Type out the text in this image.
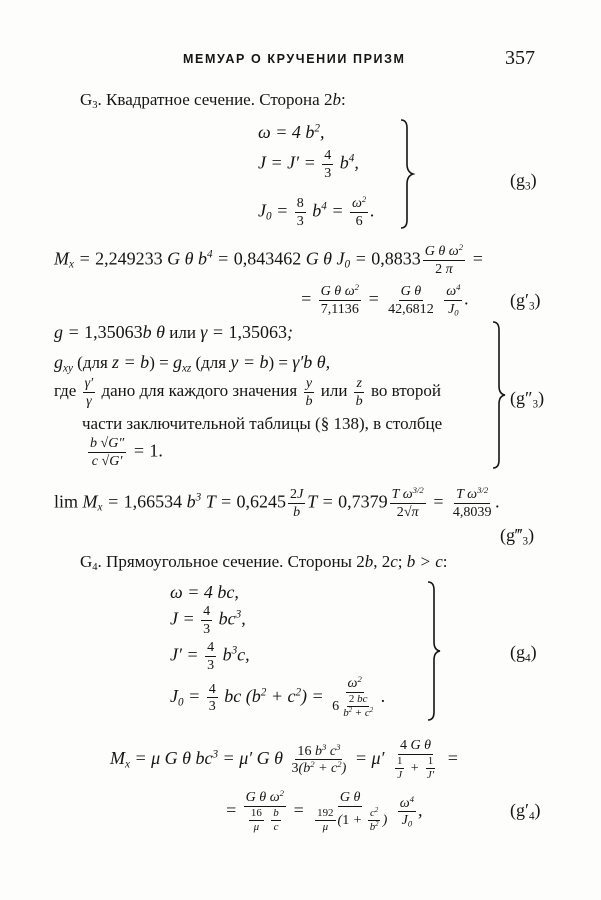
МЕМУАР О КРУЧЕНИИ ПРИЗМ	357
$G_3$. Квадратное сечение. Сторона 2b:
ω = 4 $b^2$,
$J = J' = \frac{4}{3} b^4$,
$J_0 = \frac{8}{3} b^4 = \frac{\omega^2}{6}$ .
$(g_3)$
$M_x = 2,249233$ G θ $b^4 = 0,843462$ G θ $J_0 = 0,8833 \frac{G \theta \omega^2}{2 \pi}$ =
= $\frac{G \theta \omega^2}{7,1136} = \frac{\text{G θ}}{42,6812}$
$\frac{\omega^4}{J_0}$ . $(g'_3)$
g = 1,35063b θ или γ = 1,35063;
$g_{xy}$ (для $z = b) = g_{xz}$ (для y = b) = γ′b θ,
где $\frac{\gamma'}{\gamma}$ дано для каждого значения $\frac{y}{b}$ или $\frac{z}{b}$ во второй
части заключительной таблицы (§ 138), в столбце
$\frac{b √G''}{c √G'} = 1$.
$(g''_3)$
$\lim M_x = 1,66534$ $b^3$ $T = 0,6245 \frac{2J}{b}$ $T = 0,7379 \frac{T \omega^{3/2}}{2√\pi} = \frac{T \omega^{3/2}}{4,8039}$ .
$(g‴_3)$
$G_4$. Прямоугольное сечение. Стороны 2b, 2c; b > c:
ω = 4 bc,
$J = \frac{4}{3} bc^3$,
$J' = \frac{4}{3} b^3c$,
$J_0 = \frac{4}{3}$ bc $(b^2 + c^2) = \frac{\omega^2}{6 \frac{2 bc}{b^2 + c^2}}$ .
$(g_4)$
$M_x = \mu$ G θ $bc^3 = \mu'$ G θ $\frac{16 b^3 c^3}{3(b^2 + c^2)} = \mu' \frac{\text{4 G θ}}{\frac{1}{J} + \frac{1}{J'}}$ =
= G θ $\omega^2$
$\frac{16}{\mu}$
$\frac{b}{c} = \frac{\text{G θ}}{\frac{192}{\mu} (1 + \frac{c^2}{b^2} )}$
$\frac{\omega^4}{J_0}$ ,	$(g'_4)$
